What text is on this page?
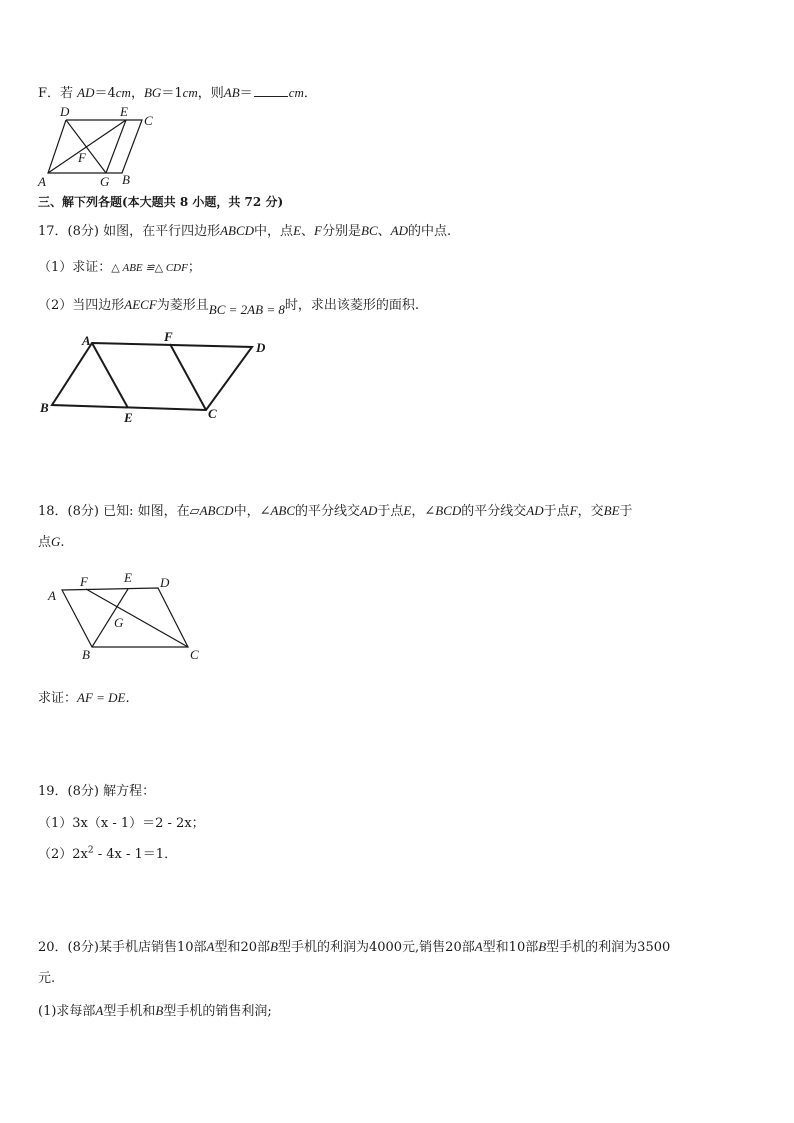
F．若 AD＝4cm，BG＝1cm，则AB＝	cm．
D	E
C
F
A	G B
三、解下列各题(本大题共 8 小题，共 72 分)
17．(8分) 如图，在平行四边形ABCD中，点E、F分别是BC、AD的中点.
（1）求证：△ ABE ≌△ CDF；
（2）当四边形AECF为菱形且BC = 2AB = 8时，求出该菱形的面积.
A	F
D
B
E	C
18．(8分) 已知: 如图，在▱ABCD中，∠ABC的平分线交AD于点E，∠BCD的平分线交AD于点F，交BE于
点G.
F	E D
A
G
B	C
求证：AF = DE.
19．(8分) 解方程：
（1）3x（x - 1）＝2 - 2x；
$(2)2x^2 - 4x - 1=1$．
20．(8分)某手机店销售10部A型和20部B型手机的利润为4000元,销售20部A型和10部B型手机的利润为3500
元.
(1)求每部A型手机和B型手机的销售利润;
